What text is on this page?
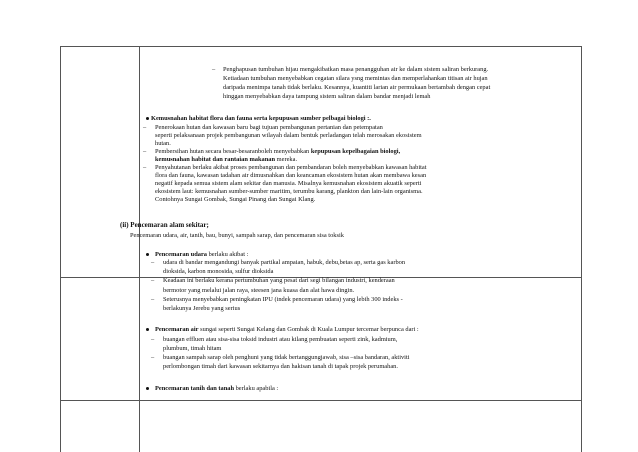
– Penghapusan tumbuhan hijau mengakibatkan masa penangguhan air ke dalam sistem saliran berkurang.
Ketiadaan tumbuhan menyebabkan cegatan silara ysng memintas dan memperlahankan titisan air hujan
daripada menimpa tanah tidak berlaku. Kesannya, kuantiti larian air permukaan bertambah dengan cepat
hinggan menyebabkan daya tampung sistem saliran dalam bandar menjadi lemah
Kemusnahan habitat flora dan fauna serta kepupusan sumber pelbagai biologi :.
– Penerokaan hutan dan kawasan baru bagi tujuan pembangunan pertanian dan petempatan
seperti pelaksanaan projek pembangunan wilayah dalam bentuk perladangan telah merosakan ekosistem
hutan.
– Pembersihan hutan secara besar-besaranboleh menyebabkan kepupusan kepelbagaian biologi,
kemusnahan habitat dan rantaian makanan mereka.
– Penyahutanan berlaku akibat proses pembangunan dan pembandaran boleh menyebabkan kawasan habitat
flora dan fauna, kawasan tadahan air dimusnahkan dan keancaman ekosistem hutan akan membawa kesan
negatif kepada semua sistem alam sekitar dan manusia. Misalnya kemusnahan ekosistem akuatik seperti
ekosistem laut: kemusnahan sumber-sumber maritim, terumbu karang, plankton dan lain-lain organisma.
Contohnya Sungai Gombak, Sungai Pinang dan Sungai Klang.
(ii) Pencemaran alam sekitar;
Pencemaran udara, air, tanih, bau, bunyi, sampah sarap, dan pencemaran sisa toksik
Pencemaran udara berlaku akibat :
– udara di bandar mengandungi banyak partikal ampaian, habuk, debu,betas ap, serta gas karbon
dioksida, karbon monosida, sulfur dioksida
– Keadaan ini berlaku kerana pertumbuhan yang pesat dari segi bilangan industri, kenderaan
bermotor yang melalui jalan raya, steesen jana kuasa dan alat hawa dingin.
– Seterusnya menyebabkan peningkatan IPU (indek pencemaran udara) yang lebih 300 indeks -
berlakunya Jerebu yang serius
Pencemaran air sungai seperti Sungai Kelang dan Gombak di Kuala Lumpur tercemar berpunca dari :
– buangan effluen atau sisa-sisa toksid industri atau kilang pembuatan seperti zink, kadmium,
plumbum, timah hitam
– buangan sampah sarap oleh penghuni yang tidak bertanggungjawab, sisa –sisa bandaran, aktiviti
perlombongan timah dari kawasan sekitarnya dan hakisan tanah di tapak projek perumahan.
Pencemaran tanih dan tanah berlaku apabila :
